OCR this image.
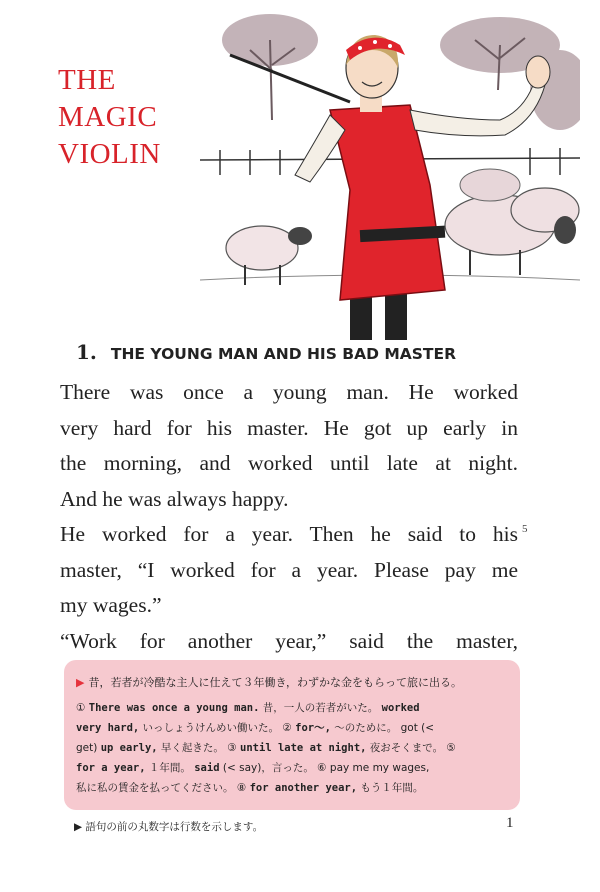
THE
MAGIC
VIOLIN
1. THE YOUNG MAN AND HIS BAD MASTER
There was once a young man. He worked
very hard for his master. He got up early in
the morning, and worked until late at night.
And he was always happy.
He worked for a year. Then he said to his
master, “I worked for a year. Please pay me
my wages.”
“Work for another year,” said the master,
5
▶ 昔，若者が冷酷な主人に仕えて３年働き，わずかな金をもらって旅に出る。
① There was once a young man. 昔，一人の若者がいた。 worked
very hard, いっしょうけんめい働いた。 ② for～, ～のために。 got (<
get) up early, 早く起きた。 ③ until late at night, 夜おそくまで。 ⑤
for a year, １年間。 said (< say)，言った。 ⑥ pay me my wages,
私に私の賃金を払ってください。 ⑧ for another year, もう１年間。
▶ 語句の前の丸数字は行数を示します。	1
